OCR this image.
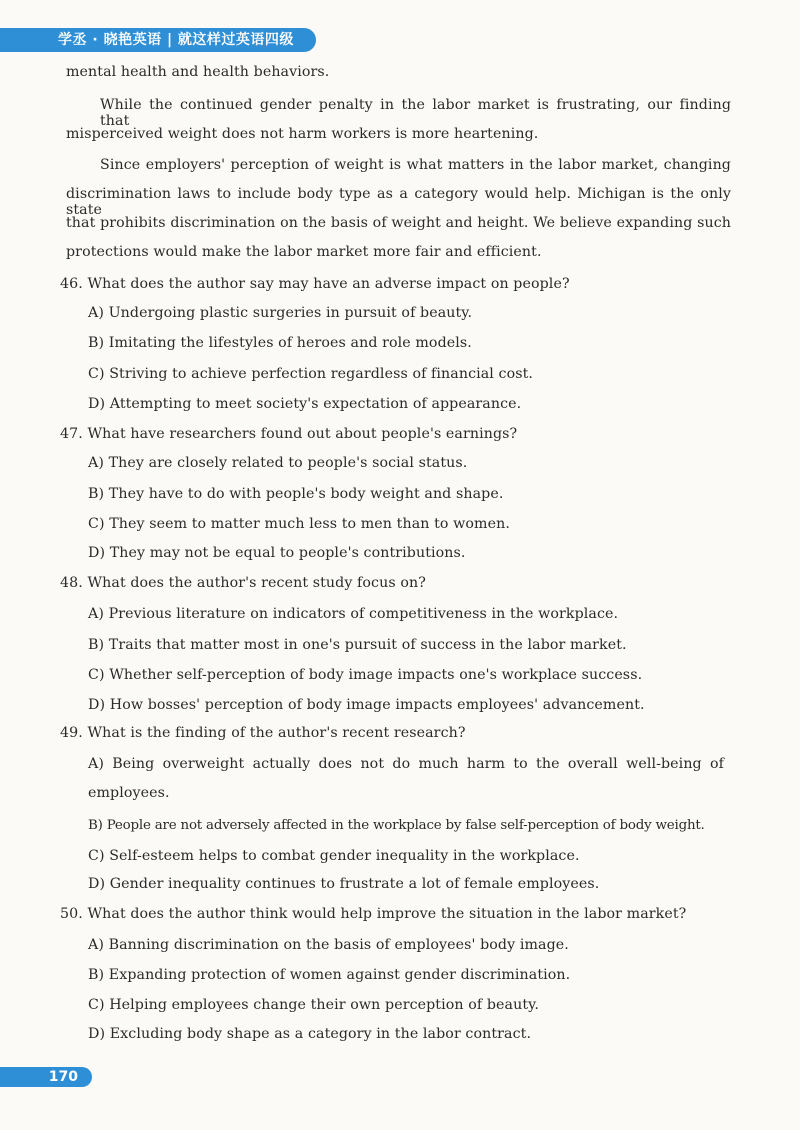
学丞 · 晓艳英语 | 就这样过英语四级
mental health and health behaviors.
While the continued gender penalty in the labor market is frustrating, our finding that
misperceived weight does not harm workers is more heartening.
Since employers' perception of weight is what matters in the labor market, changing
discrimination laws to include body type as a category would help. Michigan is the only state
that prohibits discrimination on the basis of weight and height. We believe expanding such
protections would make the labor market more fair and efficient.
46. What does the author say may have an adverse impact on people?
A) Undergoing plastic surgeries in pursuit of beauty.
B) Imitating the lifestyles of heroes and role models.
C) Striving to achieve perfection regardless of financial cost.
D) Attempting to meet society's expectation of appearance.
47. What have researchers found out about people's earnings?
A) They are closely related to people's social status.
B) They have to do with people's body weight and shape.
C) They seem to matter much less to men than to women.
D) They may not be equal to people's contributions.
48. What does the author's recent study focus on?
A) Previous literature on indicators of competitiveness in the workplace.
B) Traits that matter most in one's pursuit of success in the labor market.
C) Whether self-perception of body image impacts one's workplace success.
D) How bosses' perception of body image impacts employees' advancement.
49. What is the finding of the author's recent research?
A) Being overweight actually does not do much harm to the overall well-being of
employees.
B) People are not adversely affected in the workplace by false self-perception of body weight.
C) Self-esteem helps to combat gender inequality in the workplace.
D) Gender inequality continues to frustrate a lot of female employees.
50. What does the author think would help improve the situation in the labor market?
A) Banning discrimination on the basis of employees' body image.
B) Expanding protection of women against gender discrimination.
C) Helping employees change their own perception of beauty.
D) Excluding body shape as a category in the labor contract.
170
